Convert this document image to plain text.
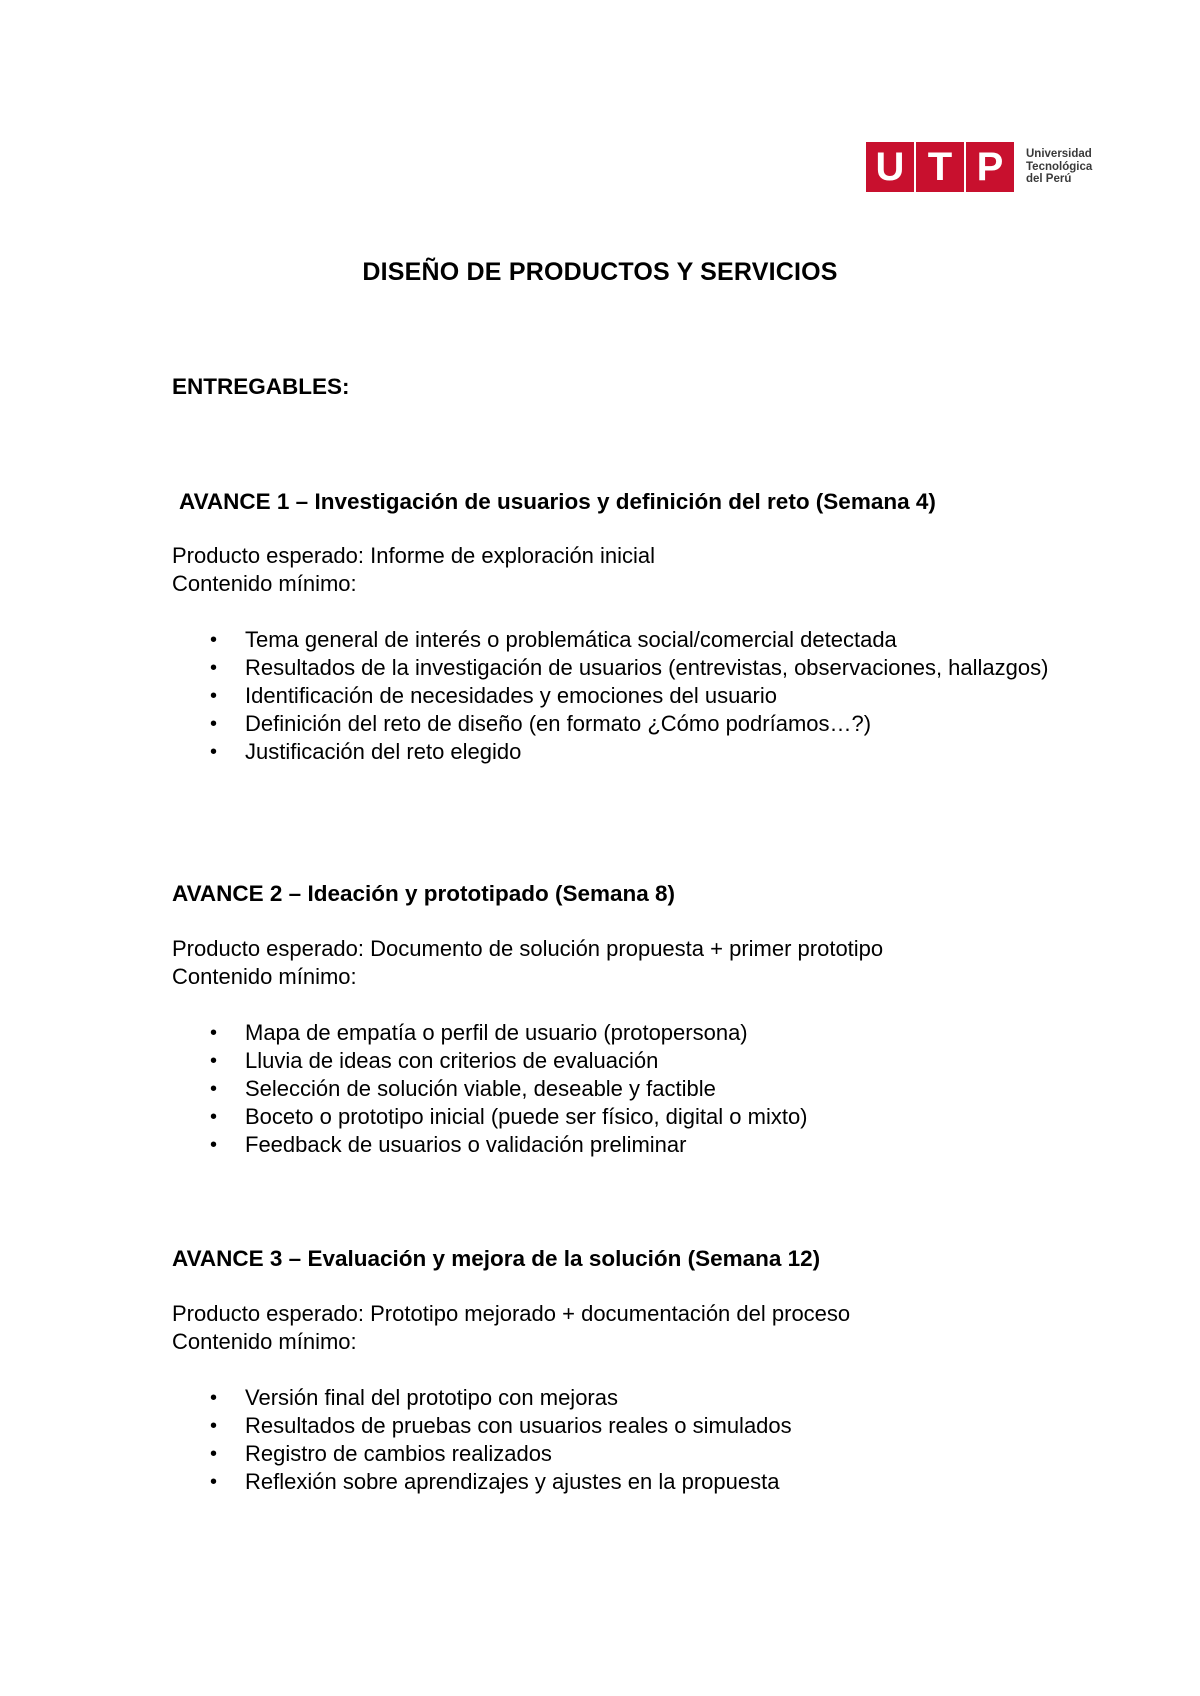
U T P	Universidad
Tecnológica
del Perú
DISEÑO DE PRODUCTOS Y SERVICIOS
ENTREGABLES:
AVANCE 1 – Investigación de usuarios y definición del reto (Semana 4)
Producto esperado: Informe de exploración inicial
Contenido mínimo:
• Tema general de interés o problemática social/comercial detectada
• Resultados de la investigación de usuarios (entrevistas, observaciones, hallazgos)
• Identificación de necesidades y emociones del usuario
• Definición del reto de diseño (en formato ¿Cómo podríamos…?)
• Justificación del reto elegido
AVANCE 2 – Ideación y prototipado (Semana 8)
Producto esperado: Documento de solución propuesta + primer prototipo
Contenido mínimo:
• Mapa de empatía o perfil de usuario (protopersona)
• Lluvia de ideas con criterios de evaluación
• Selección de solución viable, deseable y factible
• Boceto o prototipo inicial (puede ser físico, digital o mixto)
• Feedback de usuarios o validación preliminar
AVANCE 3 – Evaluación y mejora de la solución (Semana 12)
Producto esperado: Prototipo mejorado + documentación del proceso
Contenido mínimo:
• Versión final del prototipo con mejoras
• Resultados de pruebas con usuarios reales o simulados
• Registro de cambios realizados
• Reflexión sobre aprendizajes y ajustes en la propuesta
